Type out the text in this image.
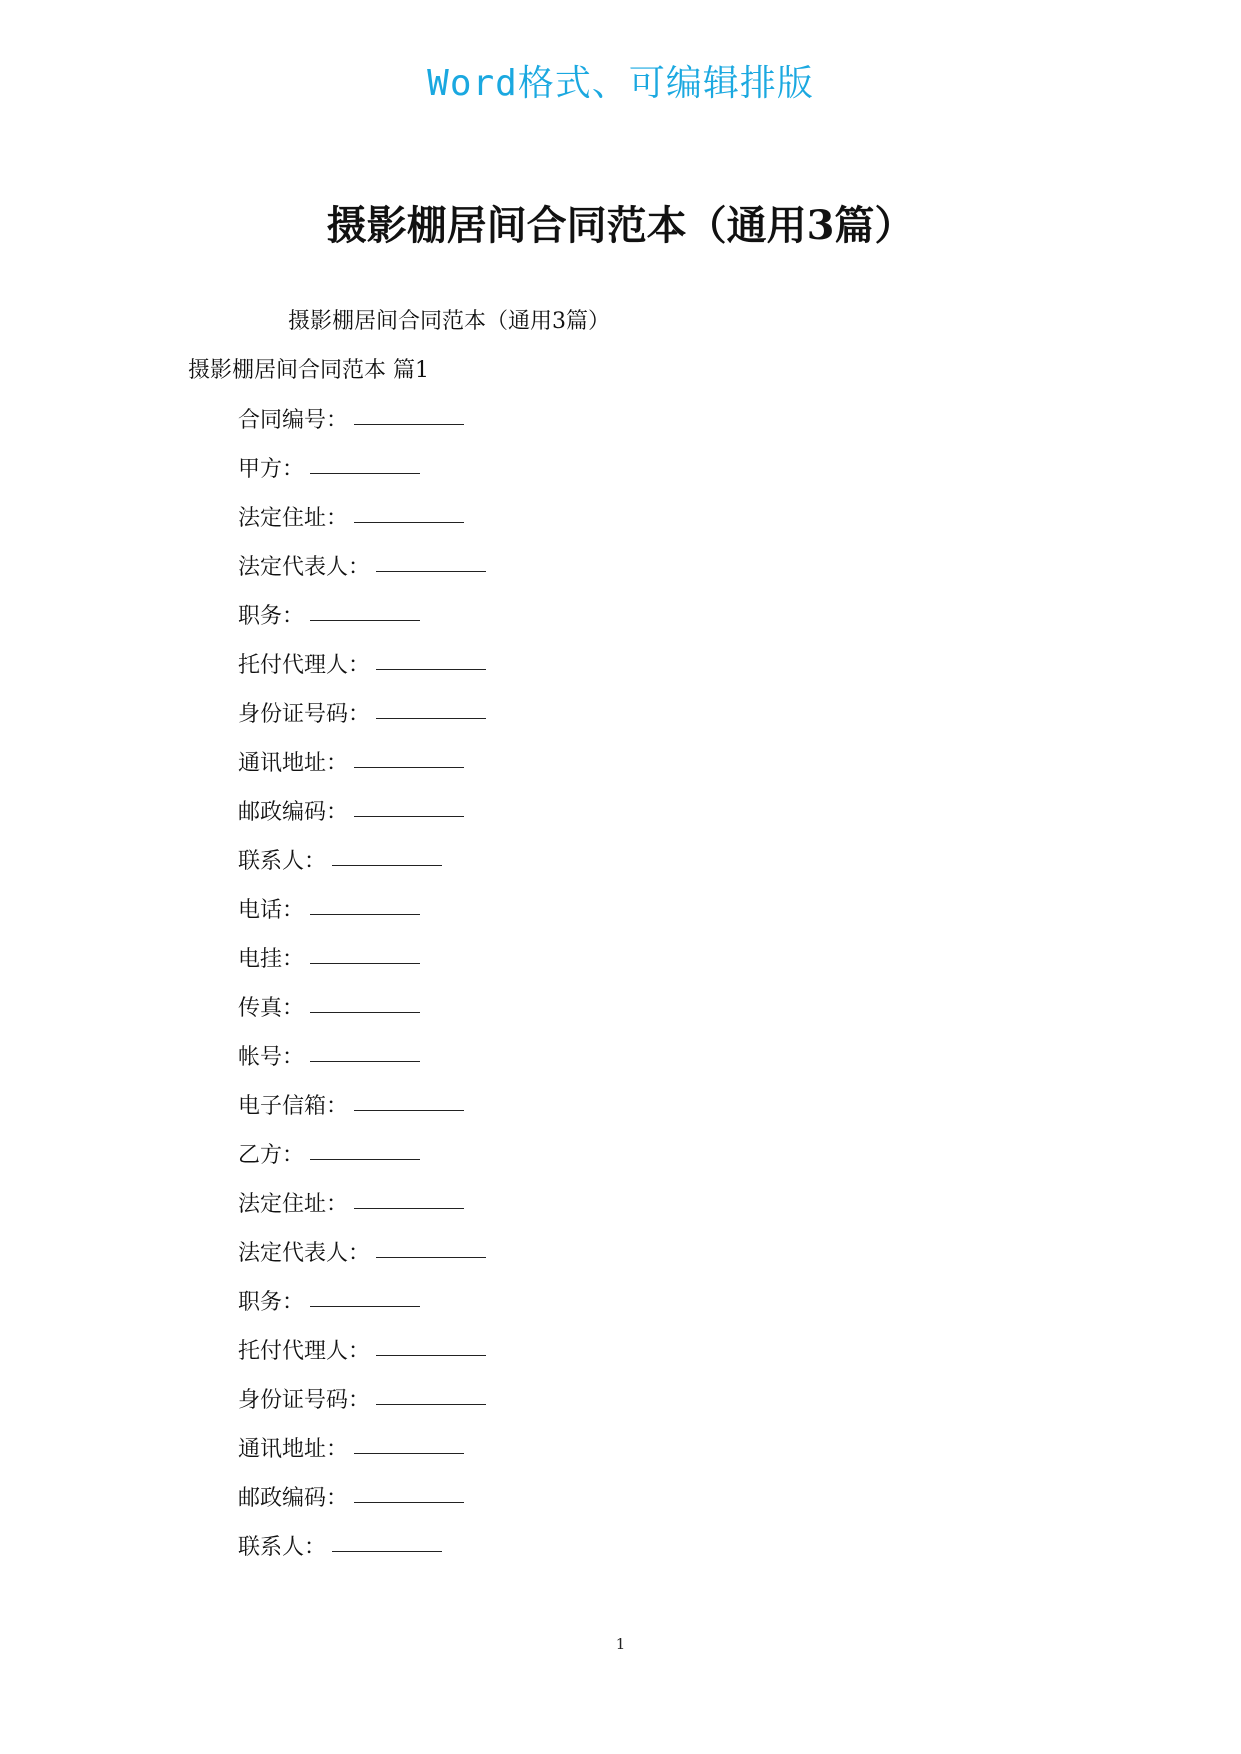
Word格式、可编辑排版
摄影棚居间合同范本（通用3篇）
摄影棚居间合同范本（通用3篇）
摄影棚居间合同范本 篇1
合同编号：
甲方：
法定住址：
法定代表人：
职务：
托付代理人：
身份证号码：
通讯地址：
邮政编码：
联系人：
电话：
电挂：
传真：
帐号：
电子信箱：
乙方：
法定住址：
法定代表人：
职务：
托付代理人：
身份证号码：
通讯地址：
邮政编码：
联系人：
1
